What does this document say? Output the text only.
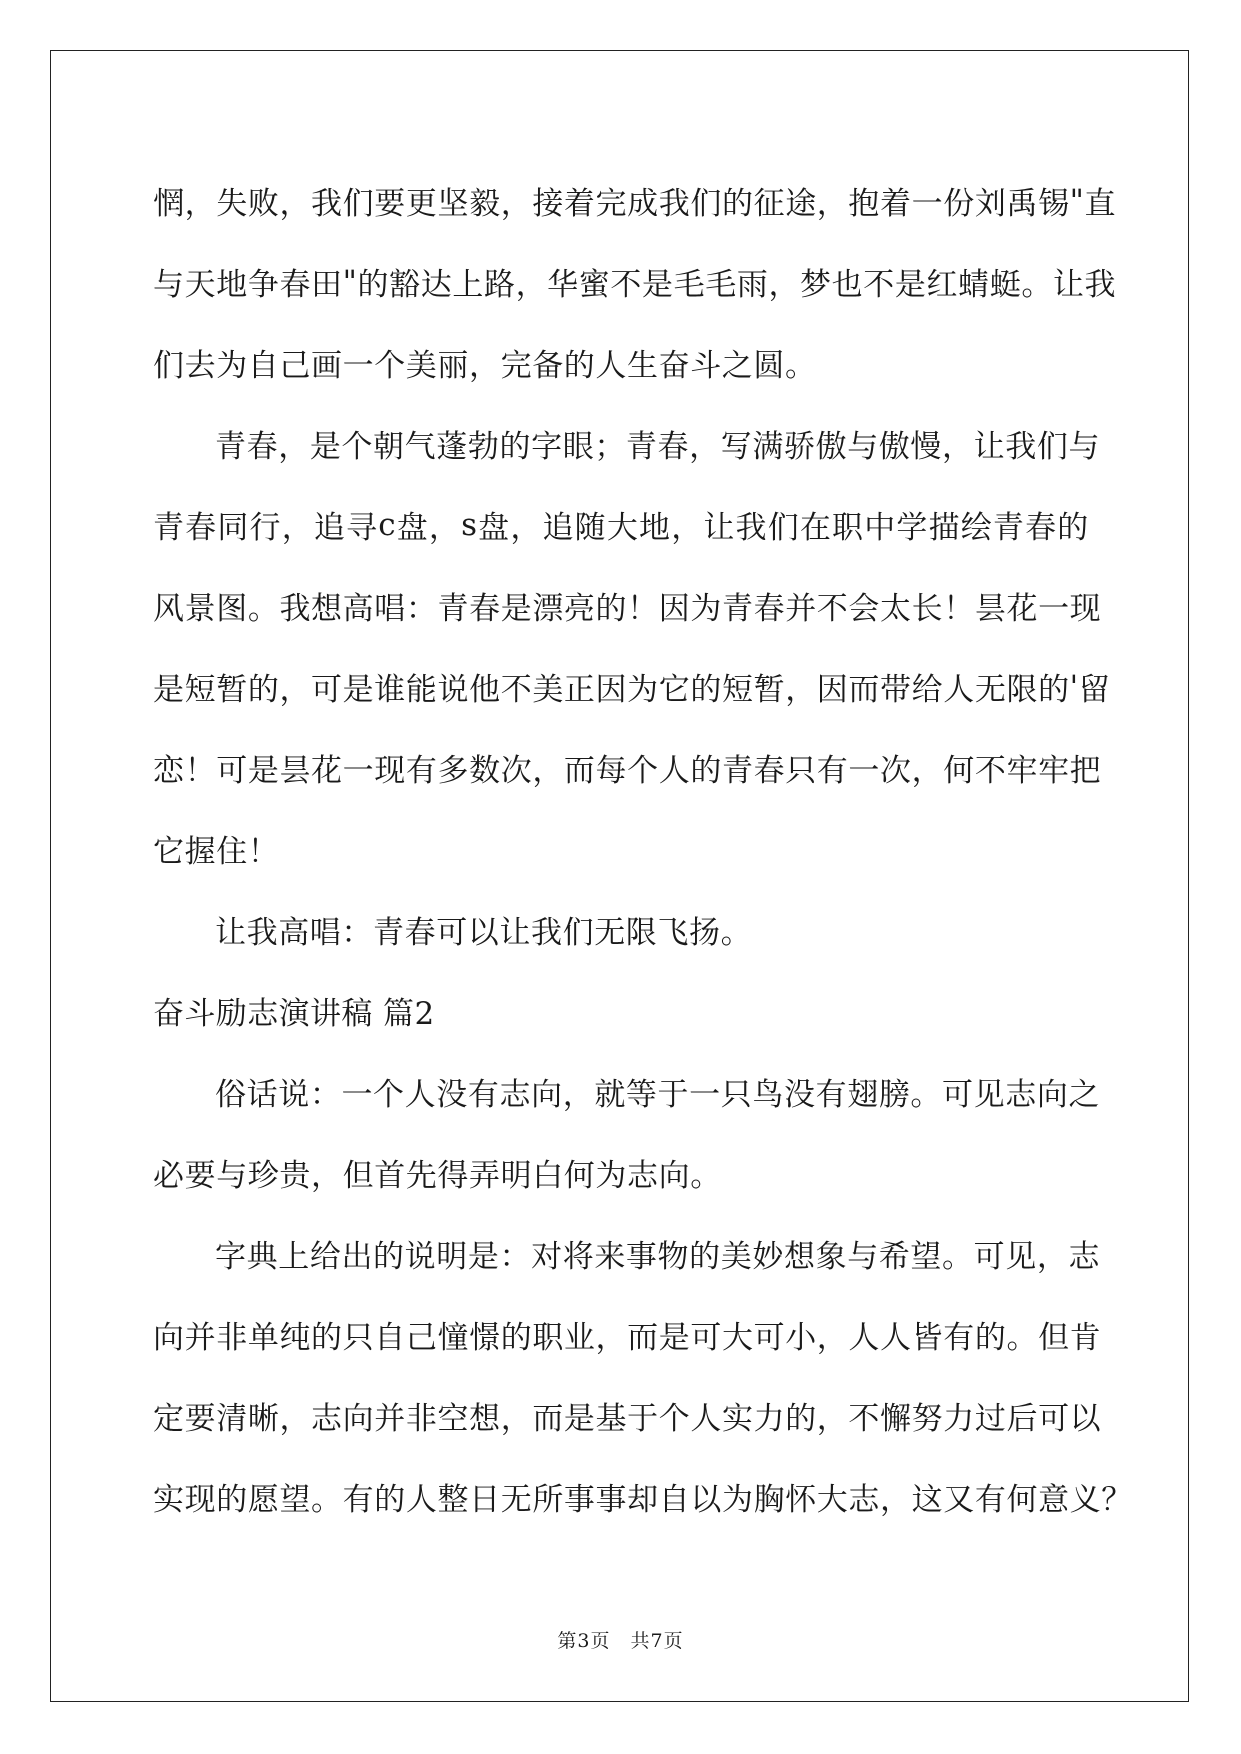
惘 ， 失 败 ， 我 们 要 更 坚 毅 ， 接 着 完 成 我 们 的 征 途 ， 抱 着 一 份 刘 禹 锡 " 直
与 天 地 争 春 田 " 的 豁 达 上 路 ， 华 蜜 不 是 毛 毛 雨 ， 梦 也 不 是 红 蜻 蜓 。 让 我
们去为自己画一个美丽，完备的人生奋斗之圆。
青 春 ， 是 个 朝 气 蓬 勃 的 字 眼 ； 青 春 ， 写 满 骄 傲 与 傲 慢 ， 让 我 们 与
青 春 同 行 ， 追 寻 c 盘 ， s 盘 ， 追 随 大 地 ， 让 我 们 在 职 中 学 描 绘 青 春 的
风 景 图 。 我 想 高 唱 ： 青 春 是 漂 亮 的 ！ 因 为 青 春 并 不 会 太 长 ！ 昙 花 一 现
是 短 暂 的 ， 可 是 谁 能 说 他 不 美 正 因 为 它 的 短 暂 ， 因 而 带 给 人 无 限 的 ' 留
恋 ！ 可 是 昙 花 一 现 有 多 数 次 ， 而 每 个 人 的 青 春 只 有 一 次 ， 何 不 牢 牢 把
它握住！
让我高唱：青春可以让我们无限飞扬。
奋斗励志演讲稿 篇2
俗 话 说 ： 一 个 人 没 有 志 向 ， 就 等 于 一 只 鸟 没 有 翅 膀 。 可 见 志 向 之
必要与珍贵，但首先得弄明白何为志向。
字 典 上 给 出 的 说 明 是 ： 对 将 来 事 物 的 美 妙 想 象 与 希 望 。 可 见 ， 志
向 并 非 单 纯 的 只 自 己 憧 憬 的 职 业 ， 而 是 可 大 可 小 ， 人 人 皆 有 的 。 但 肯
定 要 清 晰 ， 志 向 并 非 空 想 ， 而 是 基 于 个 人 实 力 的 ， 不 懈 努 力 过 后 可 以
实 现 的 愿 望 。 有 的 人 整 日 无 所 事 事 却 自 以 为 胸 怀 大 志 ， 这 又 有 何 意 义 ？
第3页　共7页
